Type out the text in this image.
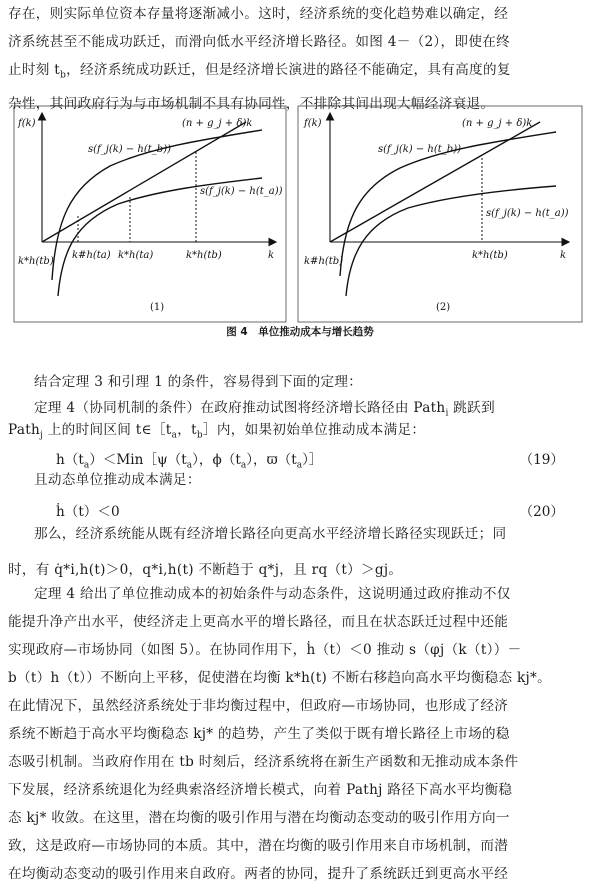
存在，则实际单位资本存量将逐渐减小。这时，经济系统的变化趋势难以确定，经
济系统甚至不能成功跃迁，而滑向低水平经济增长路径。如图 4－（2），即使在终
止时刻 $t_b$，经济系统成功跃迁，但是经济增长演进的路径不能确定，具有高度的复
杂性，其间政府行为与市场机制不具有协同性，不排除其间出现大幅经济衰退。
f(k)
k
(n + g_j + δ)k
s(f_j(k) − h(t_b))
s(f_j(k) − h(t_a))
k*h(tb)
k#h(ta) k*h(ta)	k*h(tb)
(1)
f(k)
k
(n + g_j + δ)k
s(f_j(k) − h(t_b))
s(f_j(k) − h(t_a))
k#h(tb)
k*h(tb)
(2)
图 4　单位推动成本与增长趋势
结合定理 3 和引理 1 的条件，容易得到下面的定理：
定理 4（协同机制的条件）在政府推动试图将经济增长路径由 Path$_i$ 跳跃到
Path$_j$ 上的时间区间 $t\in[t_a$，$t_b]$内，如果初始单位推动成本满足：
$h(t_a)<Min[\psi(t_a)$，$\phi(t_a)$，$ϖ(t_a)]$	（19）
且动态单位推动成本满足：
ḣ（t）＜0	（20）
那么，经济系统能从既有经济增长路径向更高水平经济增长路径实现跃迁；同
时，有 q̇*i,h(t)＞0，q*i,h(t) 不断趋于 q*j，且 rq（t）＞gj。
定理 4 给出了单位推动成本的初始条件与动态条件，这说明通过政府推动不仅
能提升净产出水平，使经济走上更高水平的增长路径，而且在状态跃迁过程中还能
实现政府—市场协同（如图 5）。在协同作用下，ḣ（t）＜0 推动 s（φj（k（t））－
b（t）h（t））不断向上平移，促使潜在均衡 k*h(t) 不断右移趋向高水平均衡稳态 kj*。
在此情况下，虽然经济系统处于非均衡过程中，但政府—市场协同，也形成了经济
系统不断趋于高水平均衡稳态 kj* 的趋势，产生了类似于既有增长路径上市场的稳
态吸引机制。当政府作用在 tb 时刻后，经济系统将在新生产函数和无推动成本条件
下发展，经济系统退化为经典索洛经济增长模式，向着 Pathj 路径下高水平均衡稳
态 kj* 收敛。在这里，潜在均衡的吸引作用与潜在均衡动态变动的吸引作用方向一
致，这是政府—市场协同的本质。其中，潜在均衡的吸引作用来自市场机制，而潜
在均衡动态变动的吸引作用来自政府。两者的协同，提升了系统跃迁到更高水平经
